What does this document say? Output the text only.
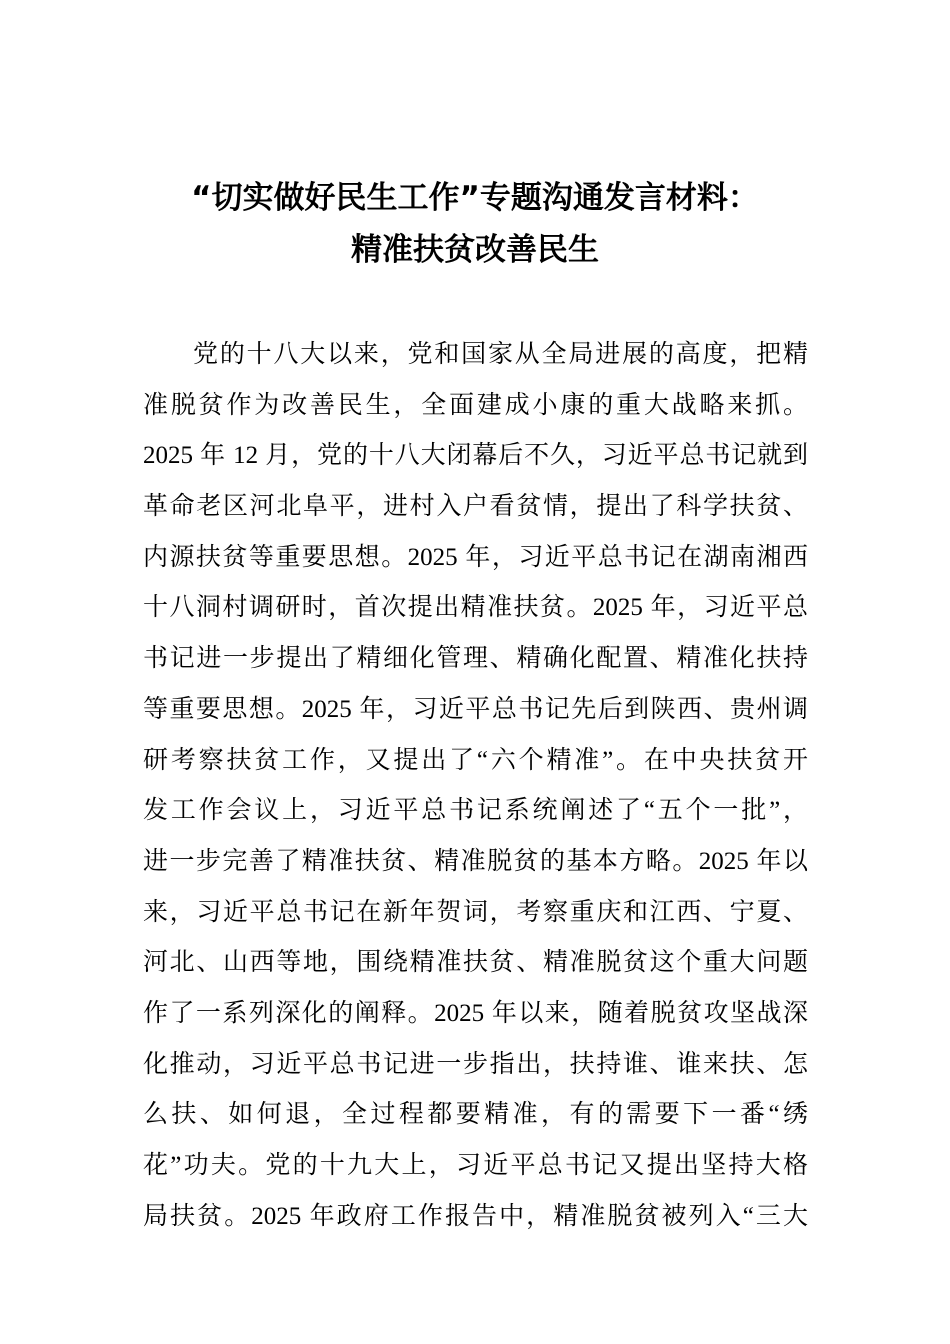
“切实做好民生工作”专题沟通发言材料：
精准扶贫改善民生
党的十八大以来，党和国家从全局进展的高度，把精
准脱贫作为改善民生，全面建成小康的重大战略来抓。
2025 年 12 月，党的十八大闭幕后不久，习近平总书记就到
革命老区河北阜平，进村入户看贫情，提出了科学扶贫、
内源扶贫等重要思想。2025 年，习近平总书记在湖南湘西
十八洞村调研时，首次提出精准扶贫。2025 年，习近平总
书记进一步提出了精细化管理、精确化配置、精准化扶持
等重要思想。2025 年，习近平总书记先后到陕西、贵州调
研考察扶贫工作，又提出了“六个精准”。在中央扶贫开
发工作会议上，习近平总书记系统阐述了“五个一批”，
进一步完善了精准扶贫、精准脱贫的基本方略。2025 年以
来，习近平总书记在新年贺词，考察重庆和江西、宁夏、
河北、山西等地，围绕精准扶贫、精准脱贫这个重大问题
作了一系列深化的阐释。2025 年以来，随着脱贫攻坚战深
化推动，习近平总书记进一步指出，扶持谁、谁来扶、怎
么扶、如何退，全过程都要精准，有的需要下一番“绣
花”功夫。党的十九大上，习近平总书记又提出坚持大格
局扶贫。2025 年政府工作报告中，精准脱贫被列入“三大
